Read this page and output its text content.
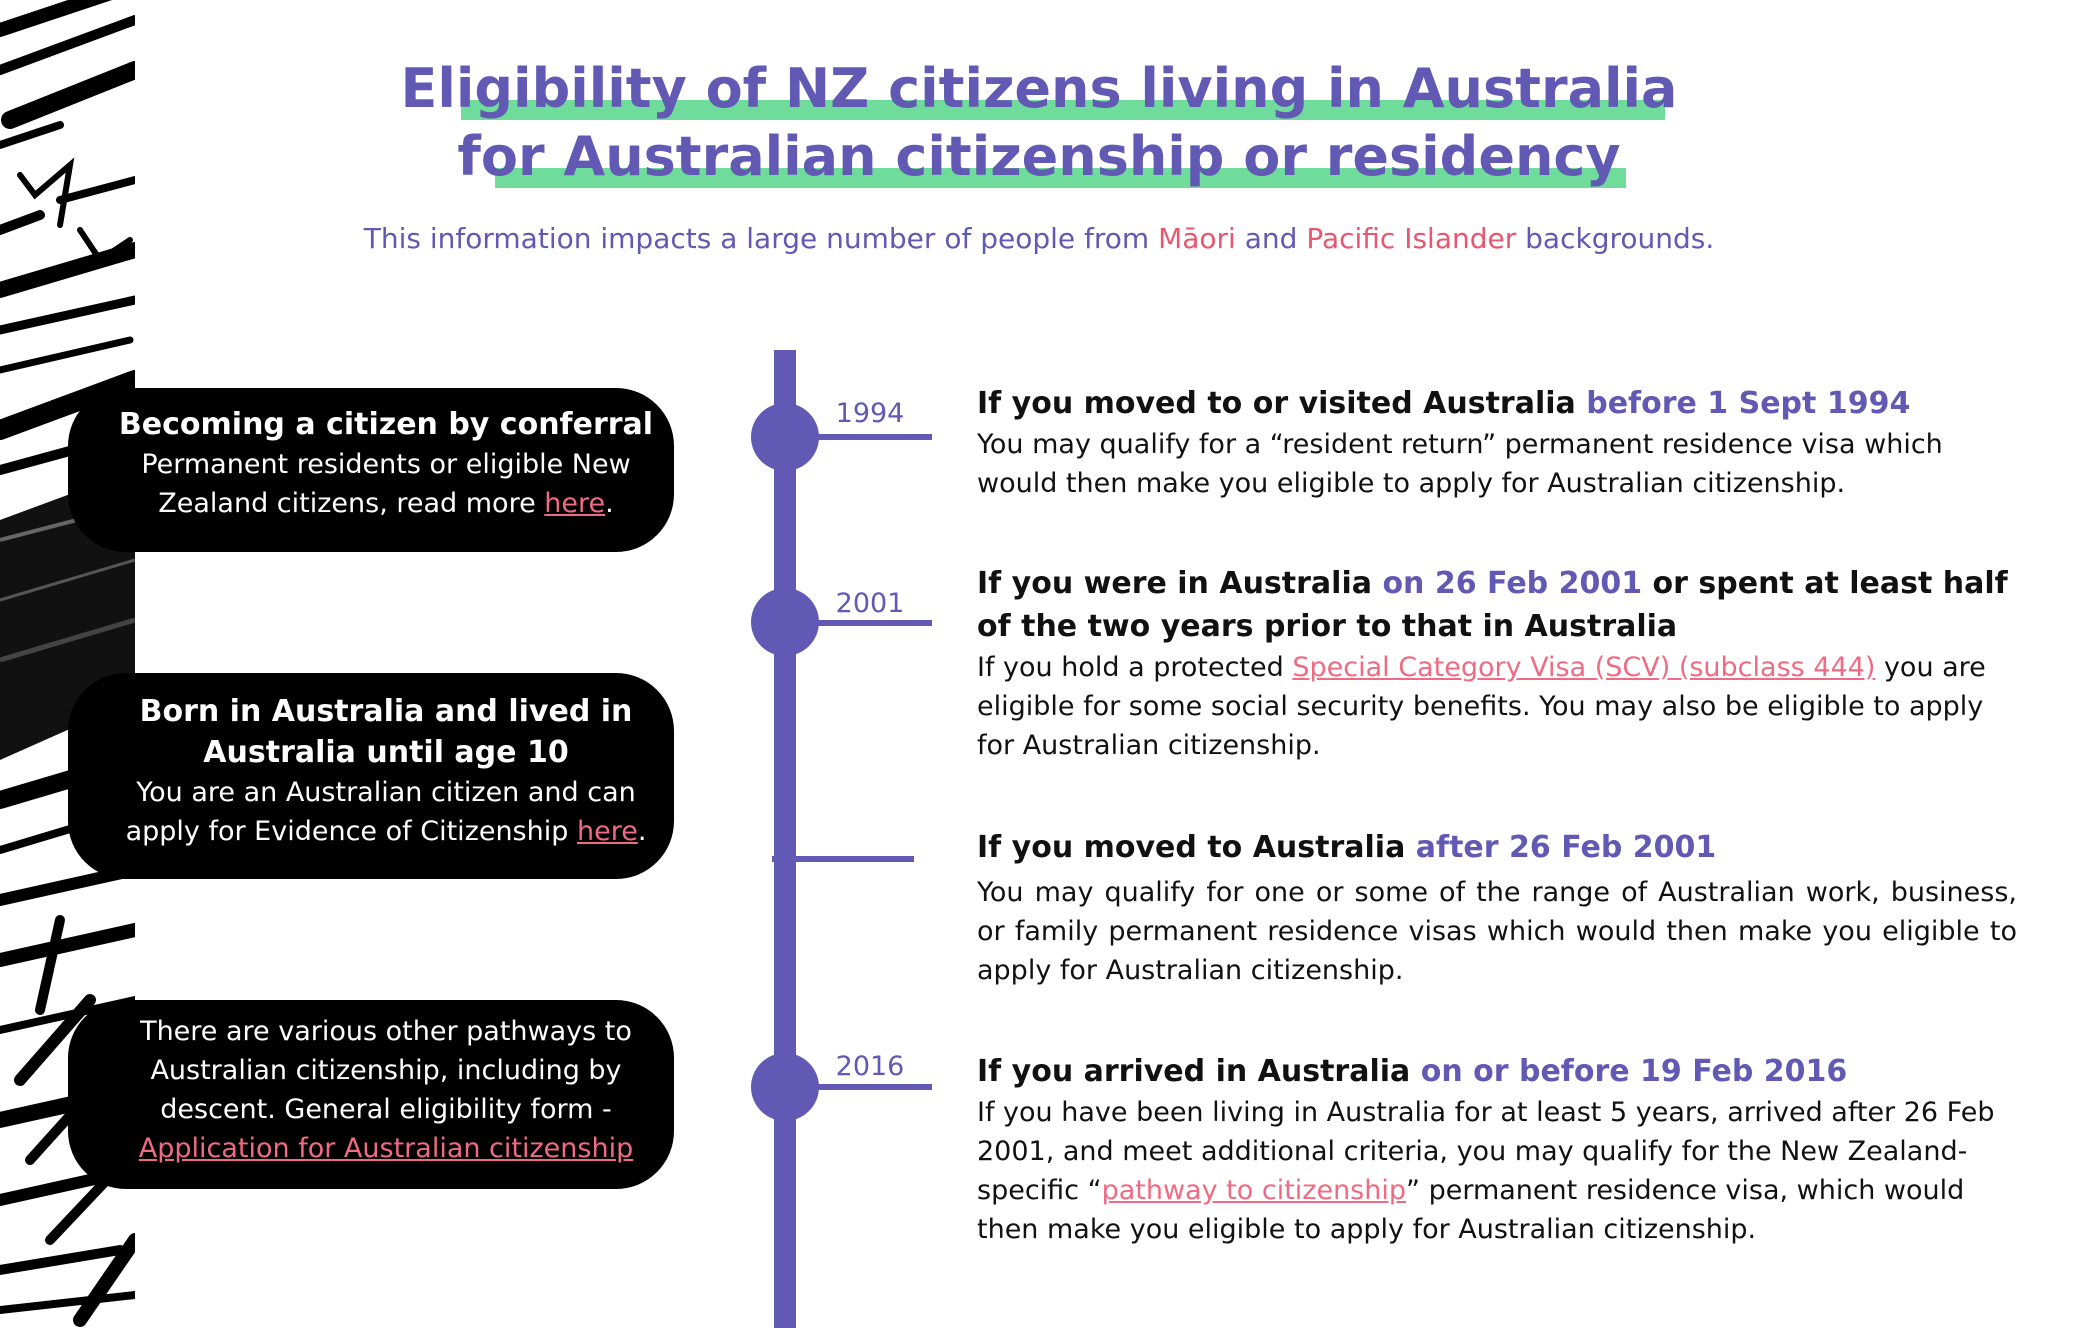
Eligibility of NZ citizens living in Australia
for Australian citizenship or residency
This information impacts a large number of people from Māori and Pacific Islander backgrounds.
Becoming a citizen by conferral
Permanent residents or eligible New Zealand citizens, read more here.
Born in Australia and lived in
Australia until age 10
You are an Australian citizen and can apply for Evidence of Citizenship here.
There are various other pathways to Australian citizenship, including by descent. General eligibility form -
Application for Australian citizenship
1994
2001
2016
If you moved to or visited Australia before 1 Sept 1994
You may qualify for a “resident return” permanent residence visa which would then make you eligible to apply for Australian citizenship.
If you were in Australia on 26 Feb 2001 or spent at least half of the two years prior to that in Australia
If you hold a protected Special Category Visa (SCV) (subclass 444) you are eligible for some social security benefits. You may also be eligible to apply for Australian citizenship.
If you moved to Australia after 26 Feb 2001
You may qualify for one or some of the range of Australian work, business, or family permanent residence visas which would then make you eligible to apply for Australian citizenship.
If you arrived in Australia on or before 19 Feb 2016
If you have been living in Australia for at least 5 years, arrived after 26 Feb 2001, and meet additional criteria, you may qualify for the New Zealand-specific “pathway to citizenship” permanent residence visa, which would then make you eligible to apply for Australian citizenship.
